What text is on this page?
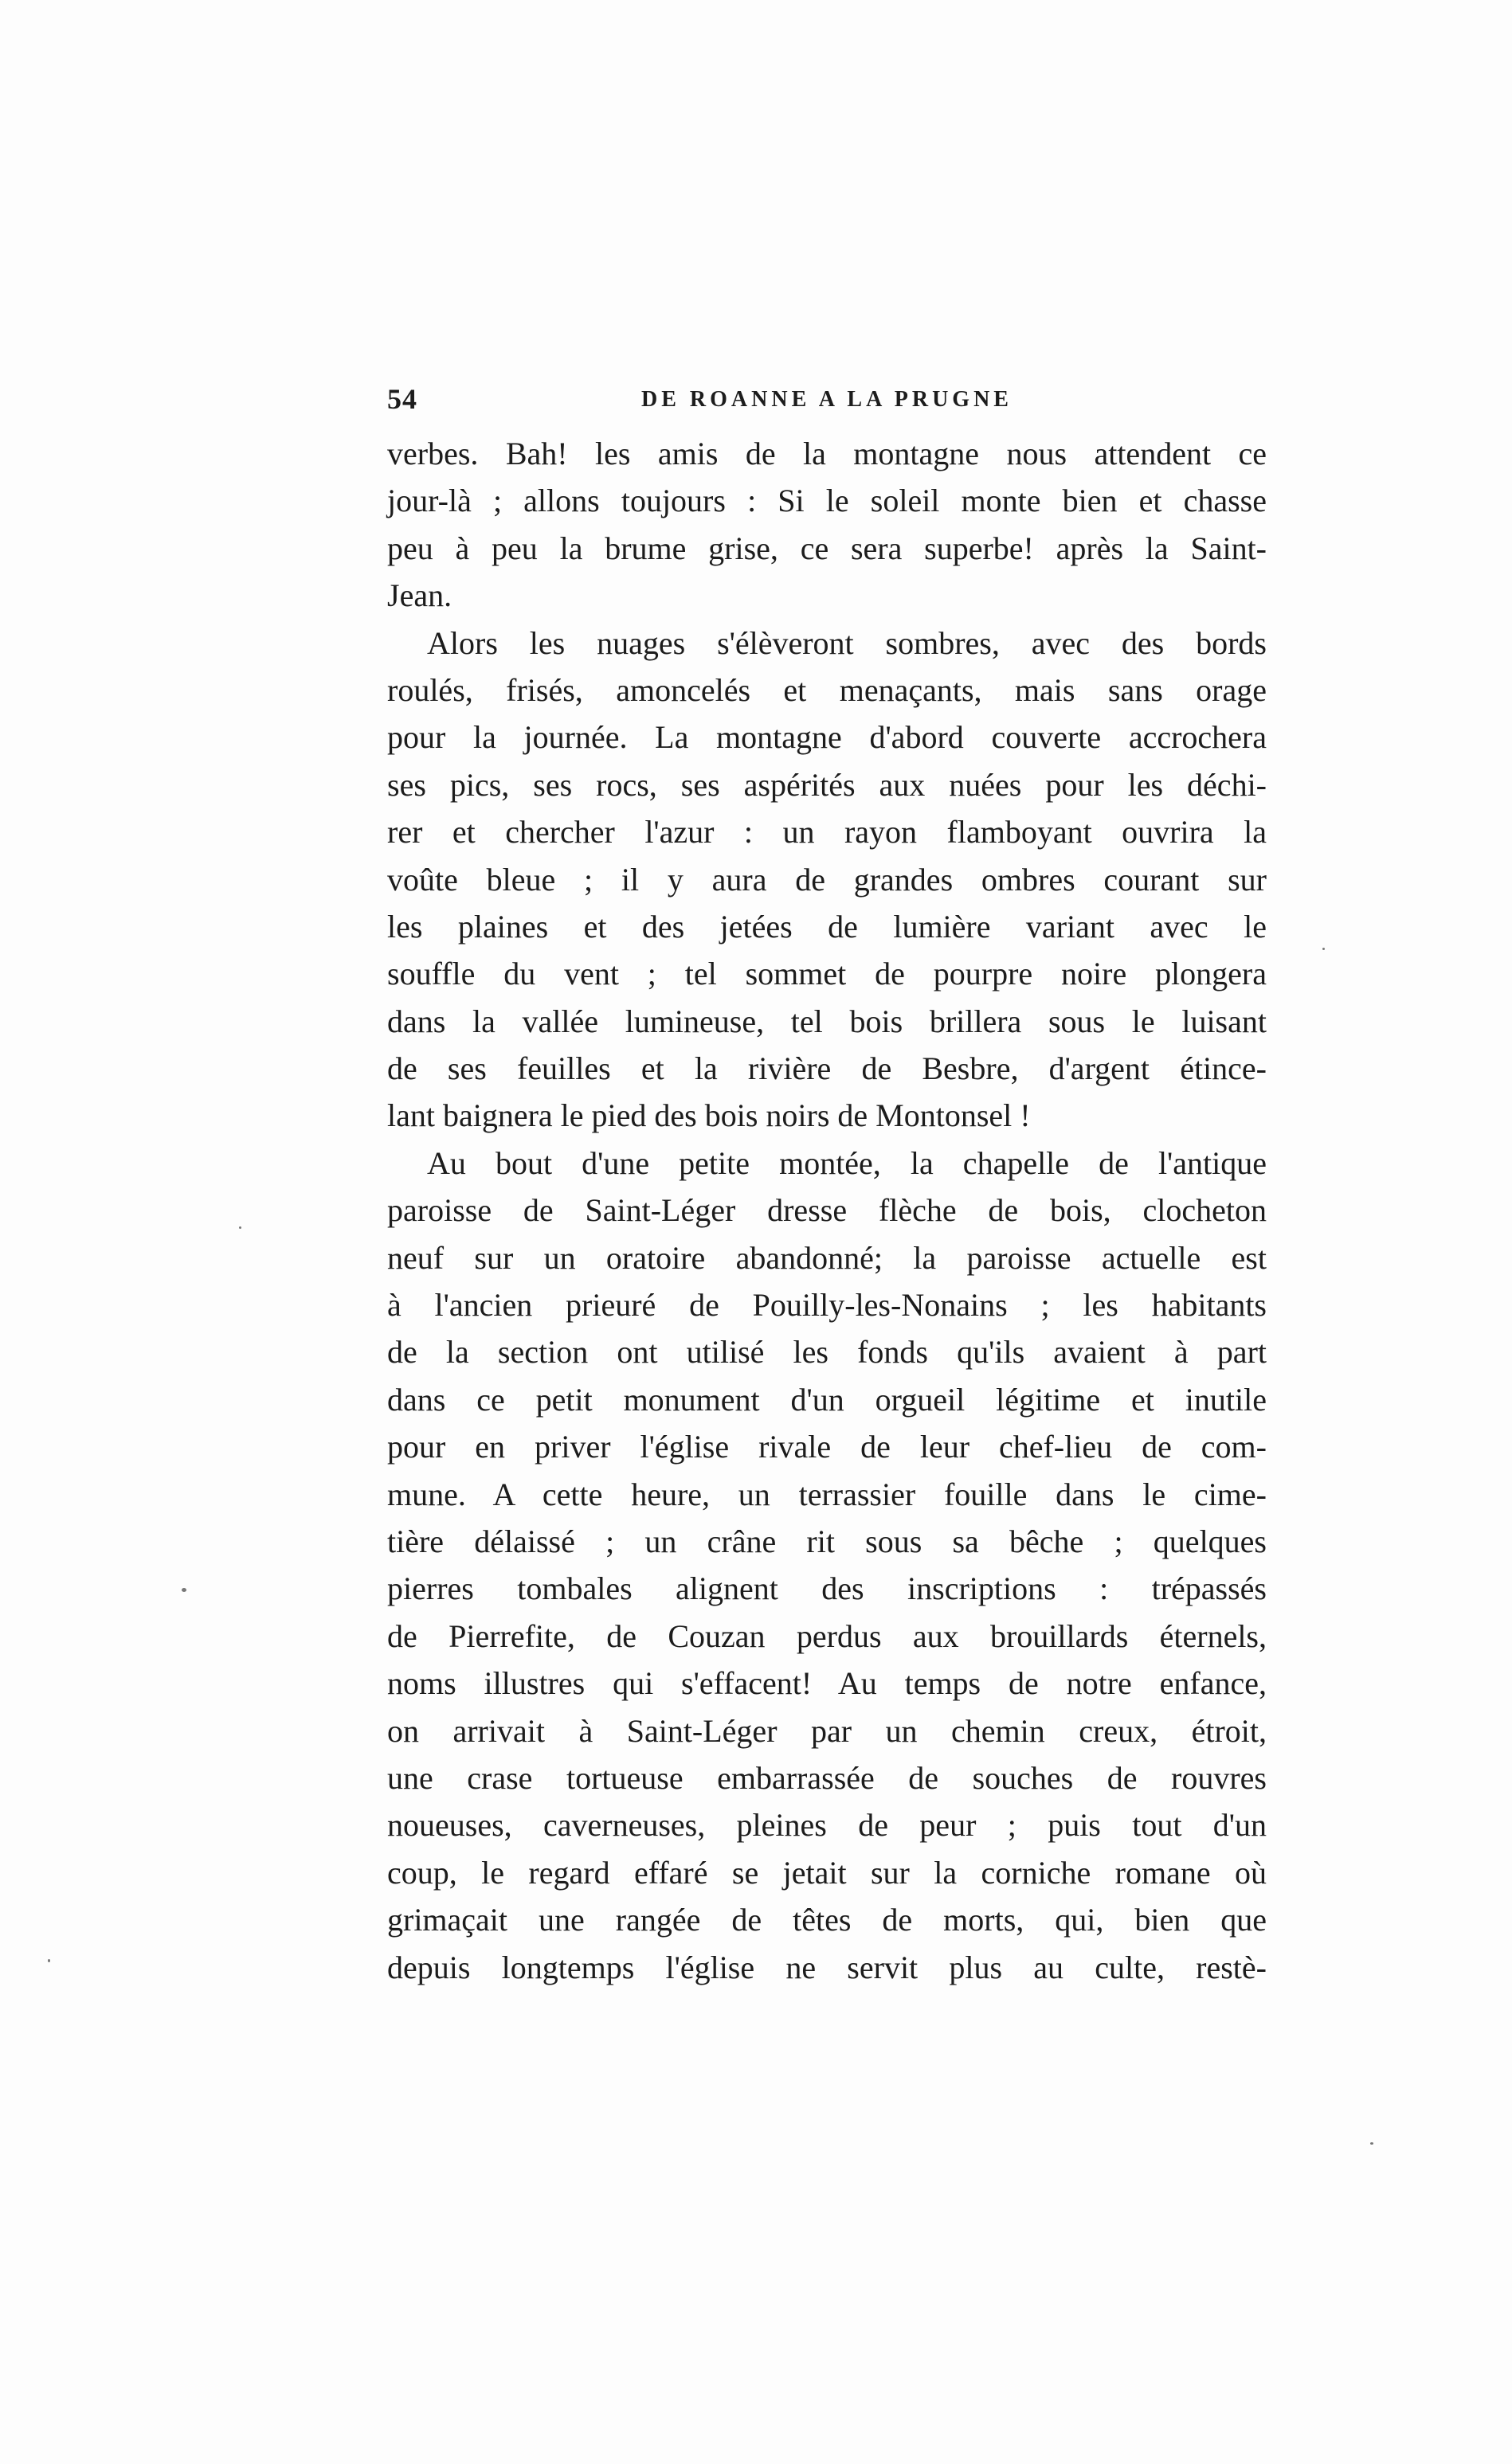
54	DE ROANNE A LA PRUGNE
verbes. Bah! les amis de la montagne nous attendent ce
jour-là ; allons toujours : Si le soleil monte bien et chasse
peu à peu la brume grise, ce sera superbe! après la Saint-
Jean.
Alors les nuages s'élèveront sombres, avec des bords
roulés, frisés, amoncelés et menaçants, mais sans orage
pour la journée. La montagne d'abord couverte accrochera
ses pics, ses rocs, ses aspérités aux nuées pour les déchi-
rer et chercher l'azur : un rayon flamboyant ouvrira la
voûte bleue ; il y aura de grandes ombres courant sur
les plaines et des jetées de lumière variant avec le
souffle du vent ; tel sommet de pourpre noire plongera
dans la vallée lumineuse, tel bois brillera sous le luisant
de ses feuilles et la rivière de Besbre, d'argent étince-
lant baignera le pied des bois noirs de Montonsel !
Au bout d'une petite montée, la chapelle de l'antique
paroisse de Saint-Léger dresse flèche de bois, clocheton
neuf sur un oratoire abandonné; la paroisse actuelle est
à l'ancien prieuré de Pouilly-les-Nonains ; les habitants
de la section ont utilisé les fonds qu'ils avaient à part
dans ce petit monument d'un orgueil légitime et inutile
pour en priver l'église rivale de leur chef-lieu de com-
mune. A cette heure, un terrassier fouille dans le cime-
tière délaissé ; un crâne rit sous sa bêche ; quelques
pierres tombales alignent des inscriptions : trépassés
de Pierrefite, de Couzan perdus aux brouillards éternels,
noms illustres qui s'effacent! Au temps de notre enfance,
on arrivait à Saint-Léger par un chemin creux, étroit,
une crase tortueuse embarrassée de souches de rouvres
noueuses, caverneuses, pleines de peur ; puis tout d'un
coup, le regard effaré se jetait sur la corniche romane où
grimaçait une rangée de têtes de morts, qui, bien que
depuis longtemps l'église ne servit plus au culte, restè-
